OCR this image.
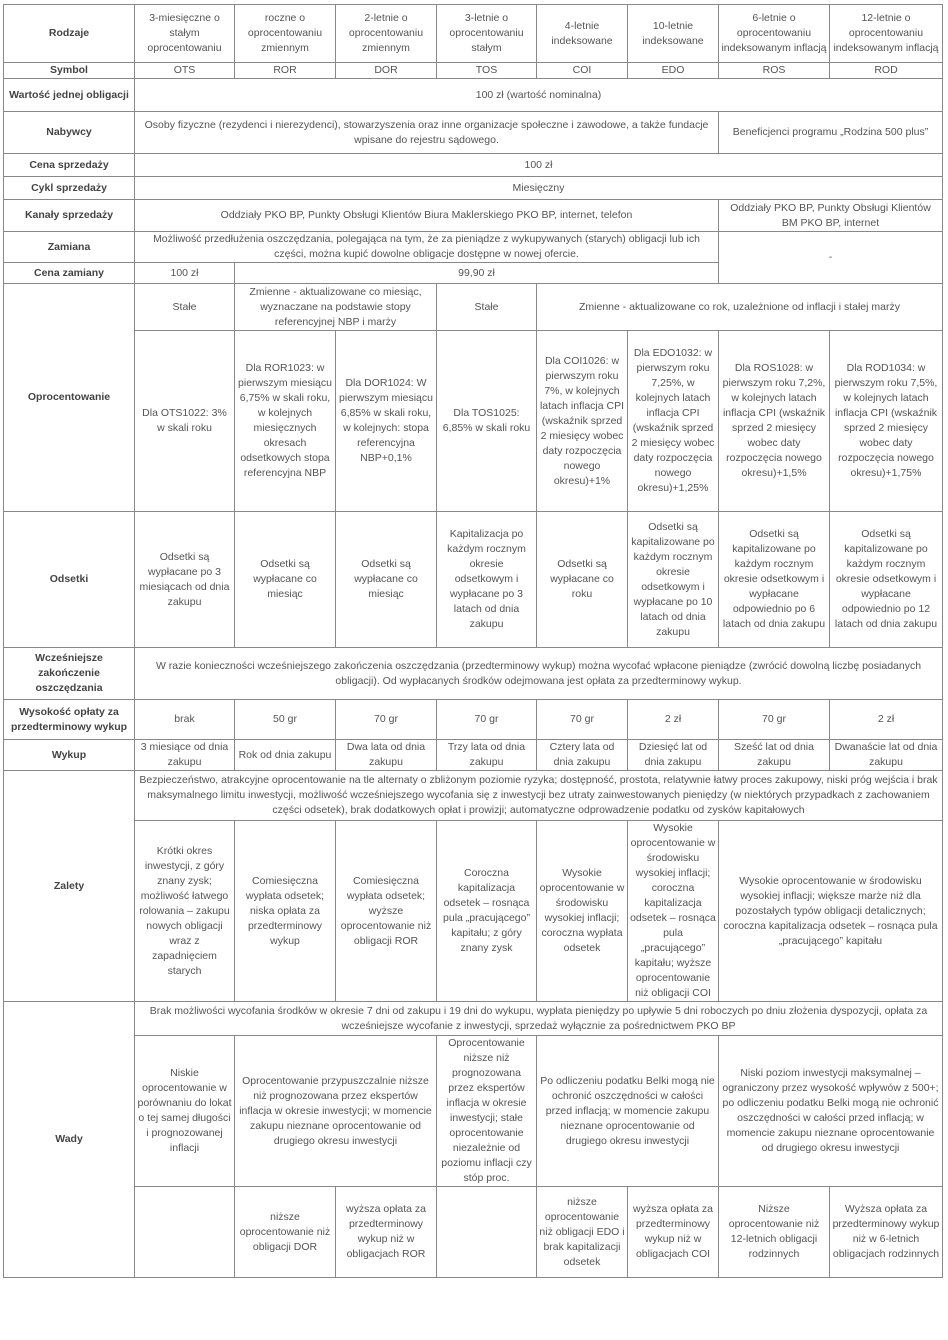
Rodzaje	3-miesięczne o stałym oprocentowaniu	roczne o oprocentowaniu zmiennym	2-letnie o oprocentowaniu zmiennym	3-letnie o oprocentowaniu stałym	4-letnie indeksowane	10-letnie indeksowane	6-letnie o oprocentowaniu indeksowanym inflacją	12-letnie o oprocentowaniu indeksowanym inflacją
Symbol	OTS	ROR	DOR	TOS	COI	EDO	ROS	ROD
Wartość jednej obligacji	100 zł (wartość nominalna)							
Nabywcy	Osoby fizyczne (rezydenci i nierezydenci), stowarzyszenia oraz inne organizacje społeczne i zawodowe, a także fundacje wpisane do rejestru sądowego.						Beneficjenci programu „Rodzina 500 plus”	
Cena sprzedaży	100 zł							
Cykl sprzedaży	Miesięczny							
Kanały sprzedaży	Oddziały PKO BP, Punkty Obsługi Klientów Biura Maklerskiego PKO BP, internet, telefon						Oddziały PKO BP, Punkty Obsługi Klientów BM PKO BP, internet	
Zamiana	Możliwość przedłużenia oszczędzania, polegająca na tym, że za pieniądze z wykupywanych (starych) obligacji lub ich części, można kupić dowolne obligacje dostępne w nowej ofercie.						-	
Cena zamiany	100 zł	99,90 zł						
Oprocentowanie	Stałe	Zmienne - aktualizowane co miesiąc, wyznaczane na podstawie stopy referencyjnej NBP i marży		Stałe	Zmienne - aktualizowane co rok, uzależnione od inflacji i stałej marży			
	Dla OTS1022: 3% w skali roku	Dla ROR1023: w pierwszym miesiącu 6,75% w skali roku, w kolejnych miesięcznych okresach odsetkowych stopa referencyjna NBP	Dla DOR1024: W pierwszym miesiącu 6,85% w skali roku, w kolejnych: stopa referencyjna NBP+0,1%	Dla TOS1025: 6,85% w skali roku	Dla COI1026: w pierwszym roku 7%, w kolejnych latach inflacja CPI (wskaźnik sprzed 2 miesięcy wobec daty rozpoczęcia nowego okresu)+1%	Dla EDO1032: w pierwszym roku 7,25%, w kolejnych latach inflacja CPI (wskaźnik sprzed 2 miesięcy wobec daty rozpoczęcia nowego okresu)+1,25%	Dla ROS1028: w pierwszym roku 7,2%, w kolejnych latach inflacja CPI (wskaźnik sprzed 2 miesięcy wobec daty rozpoczęcia nowego okresu)+1,5%	Dla ROD1034: w pierwszym roku 7,5%, w kolejnych latach inflacja CPI (wskaźnik sprzed 2 miesięcy wobec daty rozpoczęcia nowego okresu)+1,75%
Odsetki	Odsetki są wypłacane po 3 miesiącach od dnia zakupu	Odsetki są wypłacane co miesiąc	Odsetki są wypłacane co miesiąc	Kapitalizacja po każdym rocznym okresie odsetkowym i wypłacane po 3 latach od dnia zakupu	Odsetki są wypłacane co roku	Odsetki są kapitalizowane po każdym rocznym okresie odsetkowym i wypłacane po 10 latach od dnia zakupu	Odsetki są kapitalizowane po każdym rocznym okresie odsetkowym i wypłacane odpowiednio po 6 latach od dnia zakupu	Odsetki są kapitalizowane po każdym rocznym okresie odsetkowym i wypłacane odpowiednio po 12 latach od dnia zakupu
Wcześniejsze zakończenie oszczędzania	W razie konieczności wcześniejszego zakończenia oszczędzania (przedterminowy wykup) można wycofać wpłacone pieniądze (zwrócić dowolną liczbę posiadanych obligacji). Od wypłacanych środków odejmowana jest opłata za przedterminowy wykup.							
Wysokość opłaty za przedterminowy wykup	brak	50 gr	70 gr	70 gr	70 gr	2 zł	70 gr	2 zł
Wykup	3 miesiące od dnia zakupu	Rok od dnia zakupu	Dwa lata od dnia zakupu	Trzy lata od dnia zakupu	Cztery lata od dnia zakupu	Dziesięć lat od dnia zakupu	Sześć lat od dnia zakupu	Dwanaście lat od dnia zakupu
Zalety	Bezpieczeństwo, atrakcyjne oprocentowanie na tle alternaty o zbliżonym poziomie ryzyka; dostępność, prostota, relatywnie łatwy proces zakupowy, niski próg wejścia i brak maksymalnego limitu inwestycji, możliwość wcześniejszego wycofania się z inwestycji bez utraty zainwestowanych pieniędzy (w niektórych przypadkach z zachowaniem części odsetek), brak dodatkowych opłat i prowizji; automatyczne odprowadzenie podatku od zysków kapitałowych							
	Krótki okres inwestycji, z góry znany zysk; możliwość łatwego rolowania – zakupu nowych obligacji wraz z zapadnięciem starych	Comiesięczna wypłata odsetek; niska opłata za przedterminowy wykup	Comiesięczna wypłata odsetek; wyższe oprocentowanie niż obligacji ROR	Coroczna kapitalizacja odsetek – rosnąca pula „pracującego” kapitału; z góry znany zysk	Wysokie oprocentowanie w środowisku wysokiej inflacji; coroczna wypłata odsetek	Wysokie oprocentowanie w środowisku wysokiej inflacji; coroczna kapitalizacja odsetek – rosnąca pula „pracującego” kapitału; wyższe oprocentowanie niż obligacji COI	Wysokie oprocentowanie w środowisku wysokiej inflacji; większe marże niż dla pozostałych typów obligacji detalicznych; coroczna kapitalizacja odsetek – rosnąca pula „pracującego” kapitału	
Wady	Brak możliwości wycofania środków w okresie 7 dni od zakupu i 19 dni do wykupu, wypłata pieniędzy po upływie 5 dni roboczych po dniu złożenia dyspozycji, opłata za wcześniejsze wycofanie z inwestycji, sprzedaż wyłącznie za pośrednictwem PKO BP							
	Niskie oprocentowanie w porównaniu do lokat o tej samej długości i prognozowanej inflacji	Oprocentowanie przypuszczalnie niższe niż prognozowana przez ekspertów inflacja w okresie inwestycji; w momencie zakupu nieznane oprocentowanie od drugiego okresu inwestycji		Oprocentowanie niższe niż prognozowana przez ekspertów inflacja w okresie inwestycji; stałe oprocentowanie niezależnie od poziomu inflacji czy stóp proc.	Po odliczeniu podatku Belki mogą nie ochronić oszczędności w całości przed inflacją; w momencie zakupu nieznane oprocentowanie od drugiego okresu inwestycji		Niski poziom inwestycji maksymalnej – ograniczony przez wysokość wpływów z 500+; po odliczeniu podatku Belki mogą nie ochronić oszczędności w całości przed inflacją; w momencie zakupu nieznane oprocentowanie od drugiego okresu inwestycji	
		niższe oprocentowanie niż obligacji DOR	wyższa opłata za przedterminowy wykup niż w obligacjach ROR		niższe oprocentowanie niż obligacji EDO i brak kapitalizacji odsetek	wyższa opłata za przedterminowy wykup niż w obligacjach COI	Niższe oprocentowanie niż 12-letnich obligacji rodzinnych	Wyższa opłata za przedterminowy wykup niż w 6-letnich obligacjach rodzinnych
